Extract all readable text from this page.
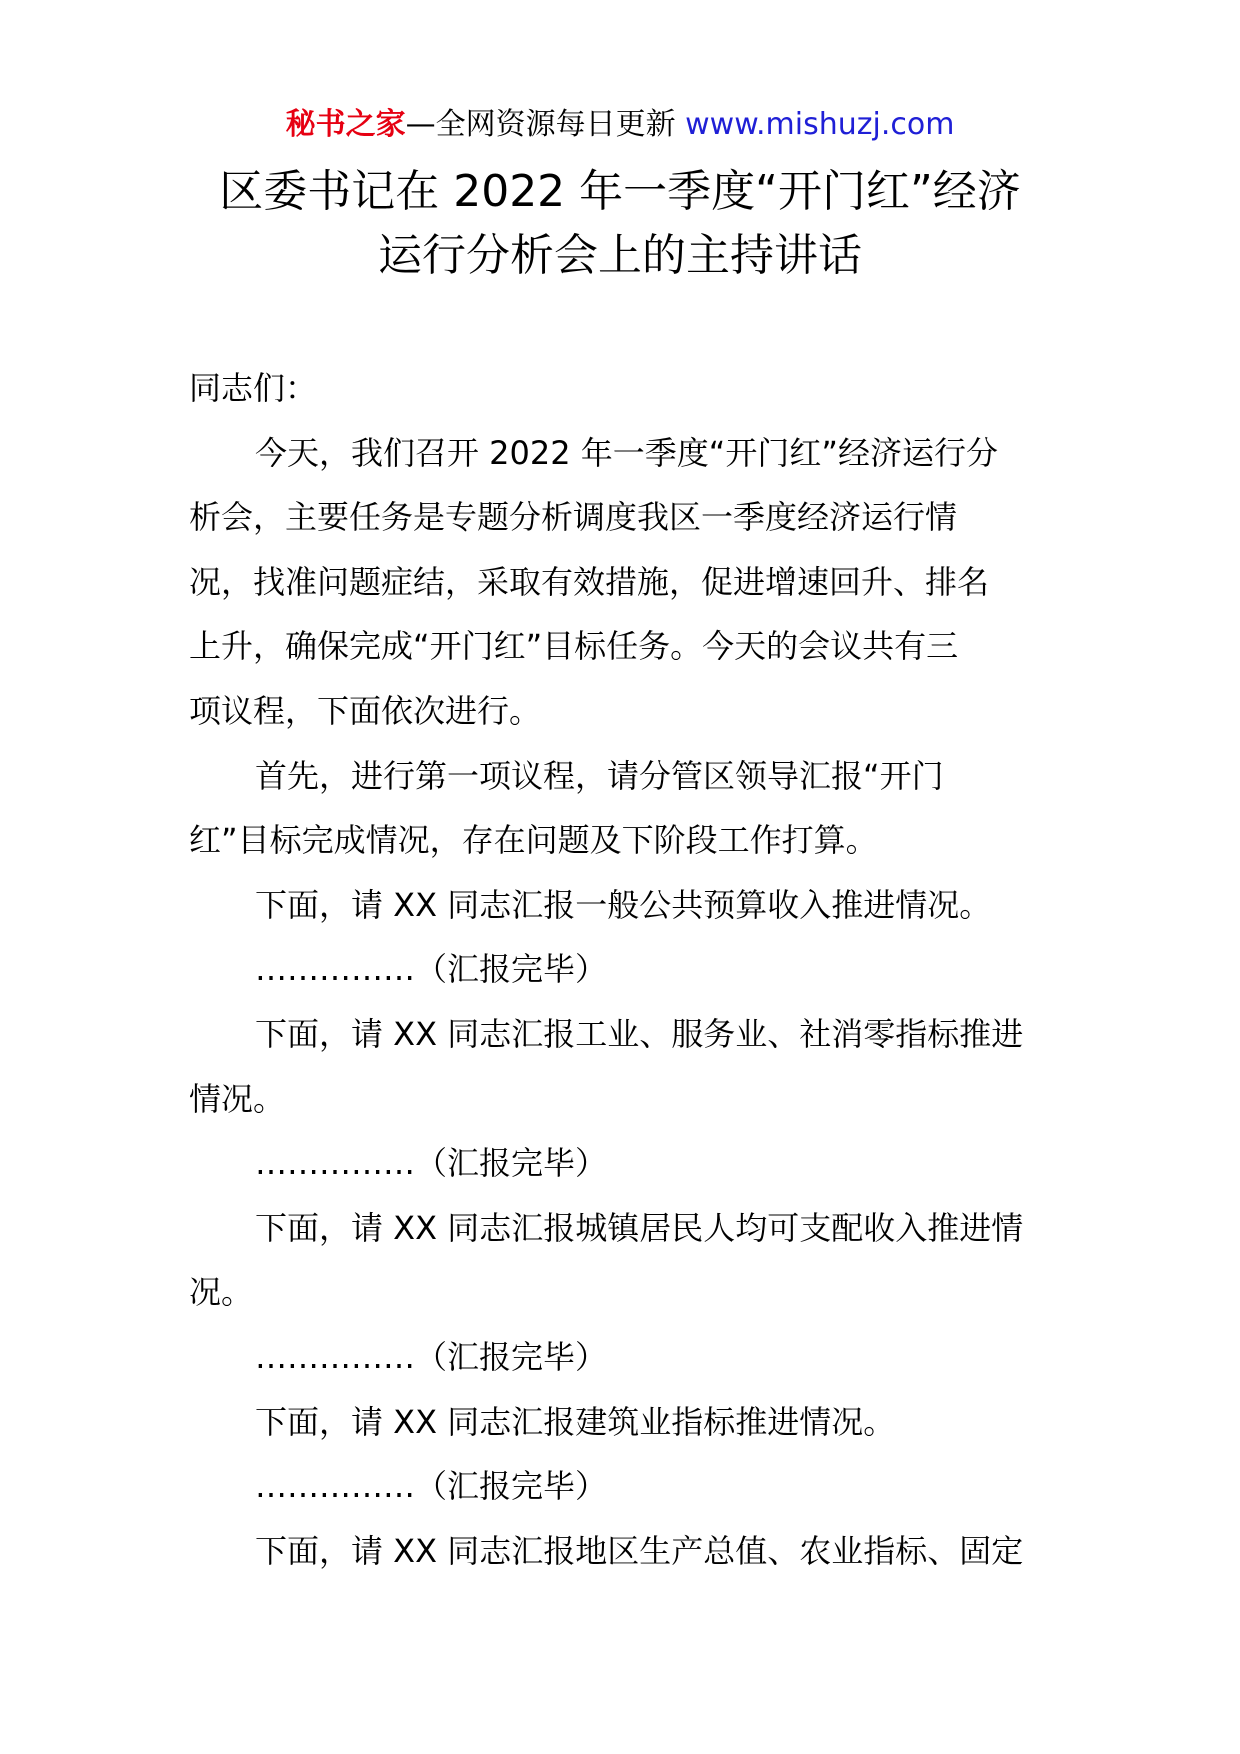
秘书之家—全网资源每日更新 www.mishuzj.com
区委书记在 2022 年一季度“开门红”经济
运行分析会上的主持讲话
同志们：
今天，我们召开 2022 年一季度“开门红”经济运行分
析会，主要任务是专题分析调度我区一季度经济运行情
况，找准问题症结，采取有效措施，促进增速回升、排名
上升，确保完成“开门红”目标任务。今天的会议共有三
项议程，下面依次进行。
首先，进行第一项议程，请分管区领导汇报“开门
红”目标完成情况，存在问题及下阶段工作打算。
下面，请 XX 同志汇报一般公共预算收入推进情况。
……………（汇报完毕）
下面，请 XX 同志汇报工业、服务业、社消零指标推进
情况。
……………（汇报完毕）
下面，请 XX 同志汇报城镇居民人均可支配收入推进情
况。
……………（汇报完毕）
下面，请 XX 同志汇报建筑业指标推进情况。
……………（汇报完毕）
下面，请 XX 同志汇报地区生产总值、农业指标、固定
